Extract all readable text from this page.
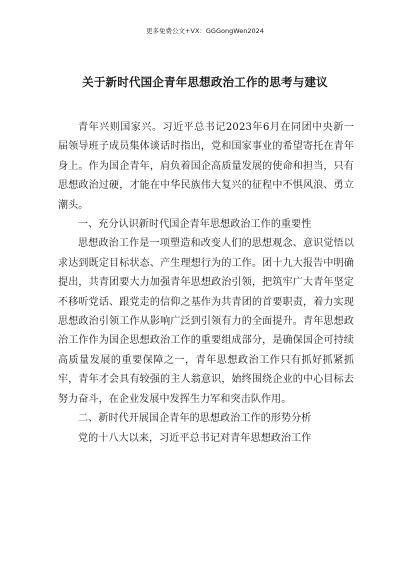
更多免费公文+VX：GGGongWen2024
关于新时代国企青年思想政治工作的思考与建议

青年兴则国家兴。习近平总书记2023年6月在同团中央新一届领导班子成员集体谈话时指出，党和国家事业的希望寄托在青年身上。作为国企青年，肩负着国企高质量发展的使命和担当，只有思想政治过硬，才能在中华民族伟大复兴的征程中不惧风浪、勇立潮头。

一、充分认识新时代国企青年思想政治工作的重要性

思想政治工作是一项塑造和改变人们的思想观念、意识觉悟以求达到既定目标状态、产生理想行为的工作。团十九大报告中明确提出，共青团要大力加强青年思想政治引领，把筑牢广大青年坚定不移听党话、跟党走的信仰之基作为共青团的首要职责，着力实现思想政治引领工作从影响广泛到引领有力的全面提升。青年思想政治工作作为国企思想政治工作的重要组成部分，是确保国企可持续高质量发展的重要保障之一，青年思想政治工作只有抓好抓紧抓牢，青年才会具有较强的主人翁意识，始终围绕企业的中心目标去努力奋斗，在企业发展中发挥生力军和突击队作用。

二、新时代开展国企青年的思想政治工作的形势分析

党的十八大以来，习近平总书记对青年思想政治工作
